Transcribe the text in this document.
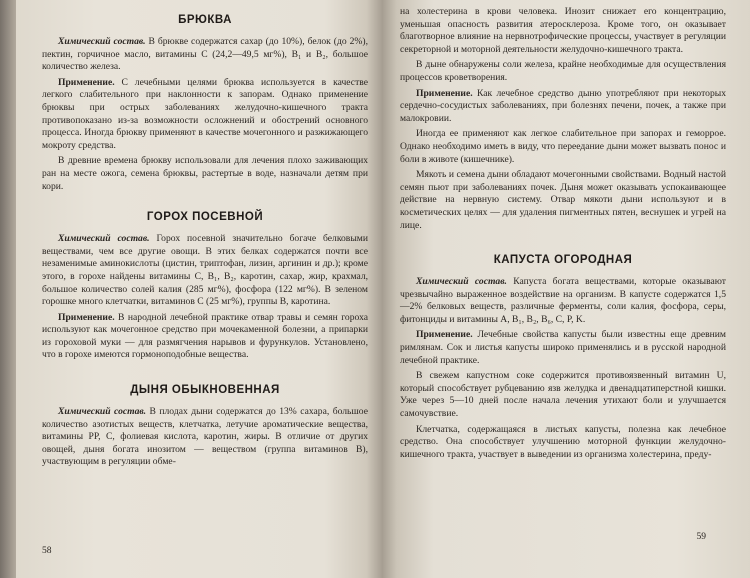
БРЮКВА

Химический состав. В брюкве содержатся сахар (до 10%), белок (до 2%), пектин, горчичное масло, витамины C (24,2—49,5 мг%), B₁ и B₂, большое количество железа.

Применение. С лечебными целями брюква используется в качестве легкого слабительного при наклонности к запорам. Однако применение брюквы при острых заболеваниях желудочно-кишечного тракта противопоказано из-за возможности осложнений и обострений основного процесса. Иногда брюкву применяют в качестве мочегонного и разжижающего мокроту средства.

В древние времена брюкву использовали для лечения плохо заживающих ран на месте ожога, семена брюквы, растертые в воде, назначали детям при кори.

ГОРОХ ПОСЕВНОЙ

Химический состав. Горох посевной значительно богаче белковыми веществами, чем все другие овощи. В этих белках содержатся почти все незаменимые аминокислоты (цистин, триптофан, лизин, аргинин и др.); кроме этого, в горохе найдены витамины C, B₁, B₂, каротин, сахар, жир, крахмал, большое количество солей калия (285 мг%), фосфора (122 мг%). В зеленом горошке много клетчатки, витаминов C (25 мг%), группы B, каротина.

Применение. В народной лечебной практике отвар травы и семян гороха используют как мочегонное средство при мочекаменной болезни, а припарки из гороховой муки — для размягчения нарывов и фурункулов. Установлено, что в горохе имеются гормоноподобные вещества.

ДЫНЯ ОБЫКНОВЕННАЯ

Химический состав. В плодах дыни содержатся до 13% сахара, большое количество азотистых веществ, клетчатка, летучие ароматические вещества, витамины PP, C, фолиевая кислота, каротин, жиры. В отличие от других овощей, дыня богата инозитом — веществом (группа витаминов B), участвующим в регуляции обме-

58

на холестерина в крови человека. Инозит снижает его концентрацию, уменьшая опасность развития атеросклероза. Кроме того, он оказывает благотворное влияние на нервнотрофические процессы, участвует в регуляции секреторной и моторной деятельности желудочно-кишечного тракта.

В дыне обнаружены соли железа, крайне необходимые для осуществления процессов кроветворения.

Применение. Как лечебное средство дыню употребляют при некоторых сердечно-сосудистых заболеваниях, при болезнях печени, почек, а также при малокровии.

Иногда ее применяют как легкое слабительное при запорах и геморрое. Однако необходимо иметь в виду, что переедание дыни может вызвать понос и боли в животе (кишечнике).

Мякоть и семена дыни обладают мочегонными свойствами. Водный настой семян пьют при заболеваниях почек. Дыня может оказывать успокаивающее действие на нервную систему. Отвар мякоти дыни используют и в косметических целях — для удаления пигментных пятен, веснушек и угрей на лице.

КАПУСТА ОГОРОДНАЯ

Химический состав. Капуста богата веществами, которые оказывают чрезвычайно выраженное воздействие на организм. В капусте содержатся 1,5—2% белковых веществ, различные ферменты, соли калия, фосфора, серы, фитонциды и витамины A, B₁, B₂, B₆, C, P, K.

Применение. Лечебные свойства капусты были известны еще древним римлянам. Сок и листья капусты широко применялись и в русской народной лечебной практике.

В свежем капустном соке содержится противоязвенный витамин U, который способствует рубцеванию язв желудка и двенадцатиперстной кишки. Уже через 5—10 дней после начала лечения утихают боли и улучшается самочувствие.

Клетчатка, содержащаяся в листьях капусты, полезна как лечебное средство. Она способствует улучшению моторной функции желудочно-кишечного тракта, участвует в выведении из организма холестерина, преду-

59
